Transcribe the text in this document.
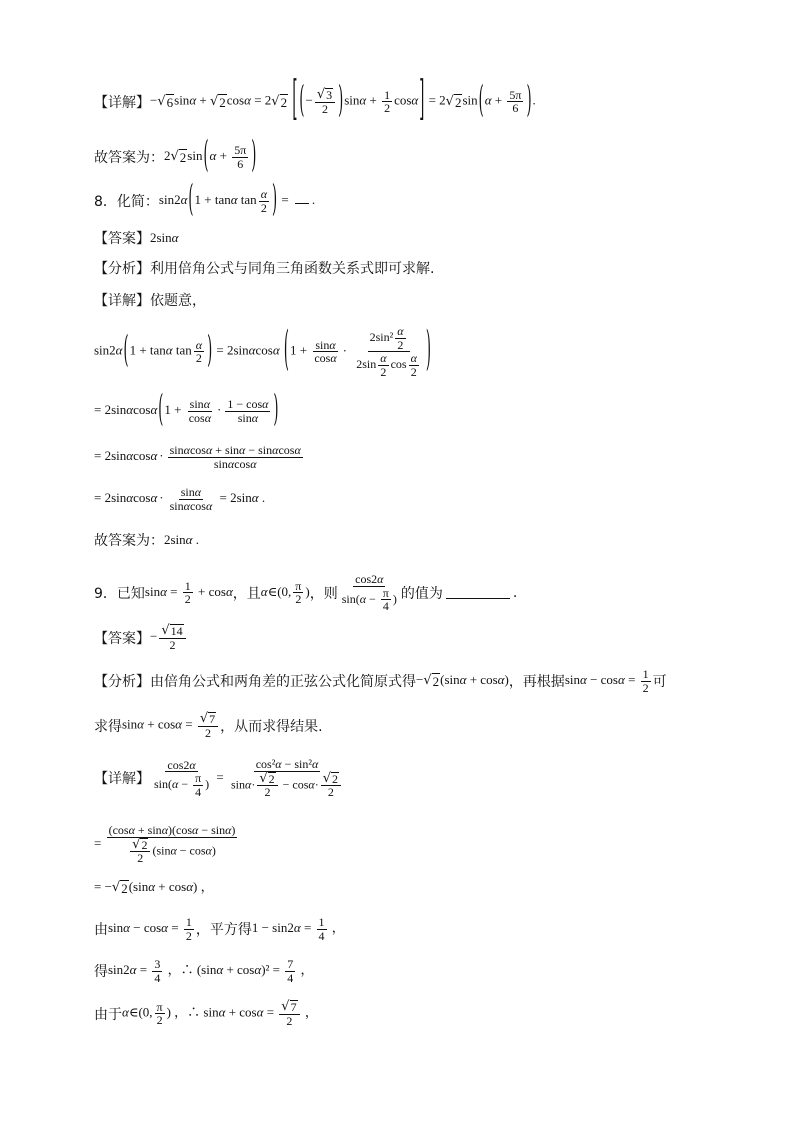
【详解】 − √ 6 sinα + √ 2 cosα = 2 √ 2 [ (− $\frac{√ 3}{2} )\sin\alpha + \frac{1}{2} \cos\alpha] = 2$ √ 2 $\sin(\alpha + \frac{5\pi}{6}$ ).
故答案为： 2 √ 2 $\sin(\alpha + \frac{5\pi}{6}$ )
8．化简： sin2α(1 + tanα $\tan \frac{\alpha}{2}$ ) = .
【答案】 2sinα
【分析】 利用倍角公式与同角三角函数关系式即可求解.
【详解】 依题意，
sin2α(1 + tanα $\tan \frac{\alpha}{2}$ ) = 2sinαcosα ($1 + \frac{\sin\alpha}{\cos\alpha} \cdot \frac{2\sin^2 \frac{\alpha}{2}}{2\sin \frac{\alpha}{2} \cos \frac{\alpha}{2}}$ )
= $2\sin\alpha\cos\alpha(1 + \frac{\sin\alpha}{\cos\alpha} \cdot \frac{1 - \cos\alpha}{\sin\alpha}$ )
= $2\sin\alpha\cos\alpha \cdot \frac{\sin\alpha\cos\alpha + \sin\alpha - \sin\alpha\cos\alpha}{\sin\alpha\cos\alpha}$
= $2\sin\alpha\cos\alpha \cdot \frac{\sin\alpha}{\sin\alpha\cos\alpha} = 2\sin\alpha$ .
故答案为： 2sinα .
9．已知 $\sin\alpha = \frac{1}{2} + \cos\alpha$ ，且 α∈(0, $\frac{\pi}{2}$ ) ，则 $\frac{\cos 2\alpha}{\sin(\alpha - \frac{\pi}{4} )}$ 的值为	.
【答案】 − $\frac{√ 14}{2}$
【分析】 由倍角公式和两角差的正弦公式化简原式得 − √ 2 (sinα + cosα) ，再根据 $\sin\alpha - \cos\alpha = \frac{1}{2}$ 可
求得 $\sin\alpha + \cos\alpha = \frac{√ 7}{2}$ ，从而求得结果.
【详解】 $\frac{\cos 2\alpha}{\sin(\alpha - \frac{\pi}{4} )} = \frac{\text{cos²α − sin²α}}{\sin\alpha\cdot \frac{√ 2}{2} - \cos\alpha\cdot \frac{√ 2}{2}}$
= $\frac{(\cos\alpha + \sin\alpha)(\cos\alpha - \sin\alpha)}{\frac{√ 2}{2} (\sin\alpha - \cos\alpha)}$
= − √ 2 (sinα + cosα) ，
由 $\sin\alpha - \cos\alpha = \frac{1}{2}$ ，平方得 $1 - \sin 2\alpha = \frac{1}{4}$ ，
得 $\sin 2\alpha = \frac{3}{4}$ ，∴ $(\sin\alpha + \cos\alpha)^2 = \frac{7}{4}$ ，
由于 α∈(0, $\frac{\pi}{2}$ ) ，∴ $\sin\alpha + \cos\alpha = \frac{√ 7}{2}$ ，
